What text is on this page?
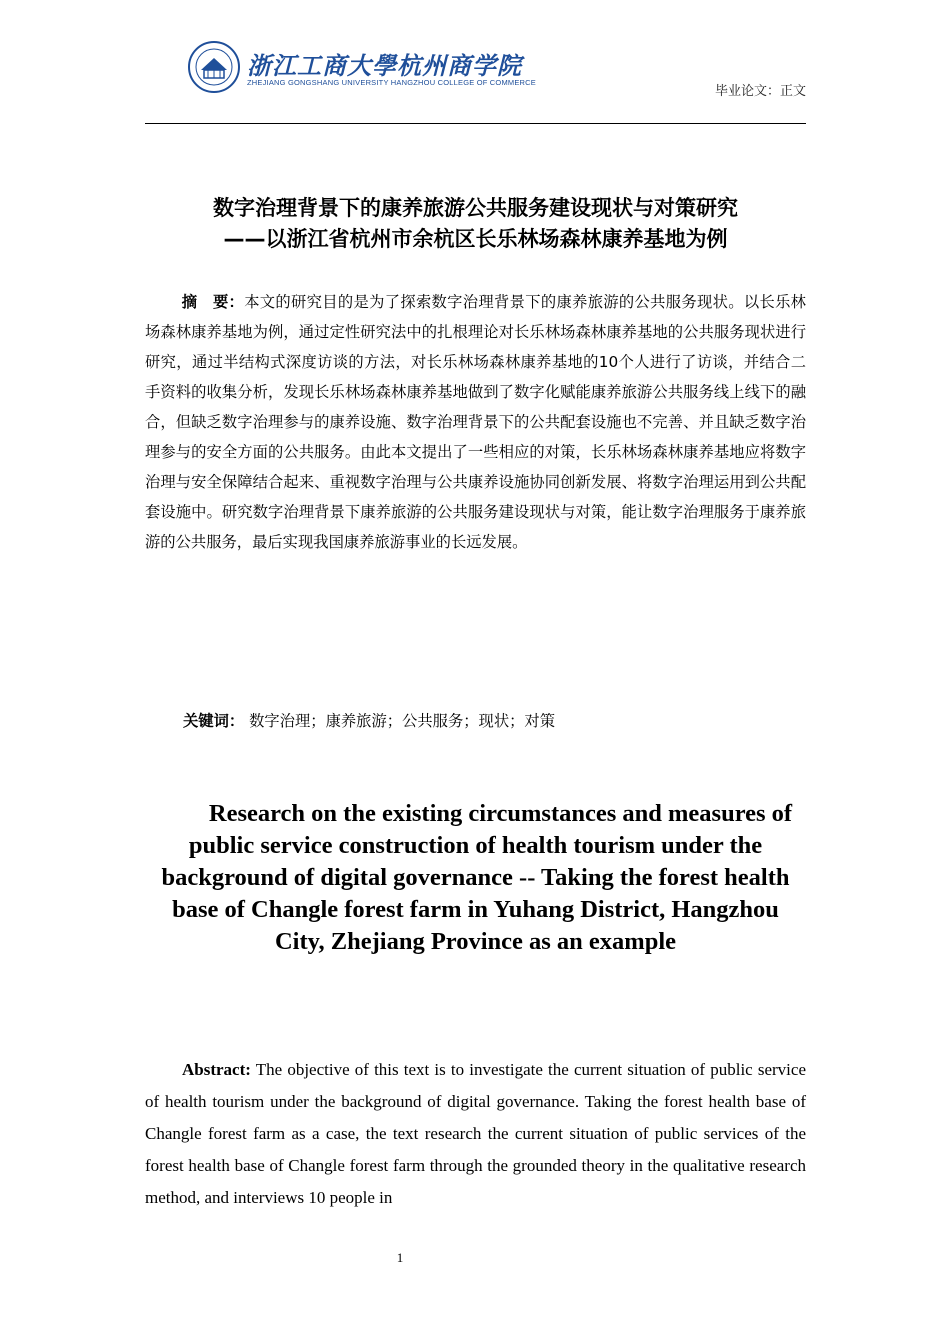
浙江工商大學杭州商学院
ZHEJIANG GONGSHANG UNIVERSITY HANGZHOU COLLEGE OF COMMERCE
毕业论文：正文
数字治理背景下的康养旅游公共服务建设现状与对策研究
——以浙江省杭州市余杭区长乐林场森林康养基地为例
摘　要：本文的研究目的是为了探索数字治理背景下的康养旅游的公共服务现状。以长乐林场森林康养基地为例，通过定性研究法中的扎根理论对长乐林场森林康养基地的公共服务现状进行研究，通过半结构式深度访谈的方法，对长乐林场森林康养基地的10个人进行了访谈，并结合二手资料的收集分析，发现长乐林场森林康养基地做到了数字化赋能康养旅游公共服务线上线下的融合，但缺乏数字治理参与的康养设施、数字治理背景下的公共配套设施也不完善、并且缺乏数字治理参与的安全方面的公共服务。由此本文提出了一些相应的对策，长乐林场森林康养基地应将数字治理与安全保障结合起来、重视数字治理与公共康养设施协同创新发展、将数字治理运用到公共配套设施中。研究数字治理背景下康养旅游的公共服务建设现状与对策，能让数字治理服务于康养旅游的公共服务，最后实现我国康养旅游事业的长远发展。
关键词： 数字治理；康养旅游；公共服务；现状；对策
Research on the existing circumstances and measures of public service construction of health tourism under the background of digital governance -- Taking the forest health base of Changle forest farm in Yuhang District, Hangzhou City, Zhejiang Province as an example
Abstract: The objective of this text is to investigate the current situation of public service of health tourism under the background of digital governance. Taking the forest health base of Changle forest farm as a case, the text research the current situation of public services of the forest health base of Changle forest farm through the grounded theory in the qualitative research method, and interviews 10 people in
1
